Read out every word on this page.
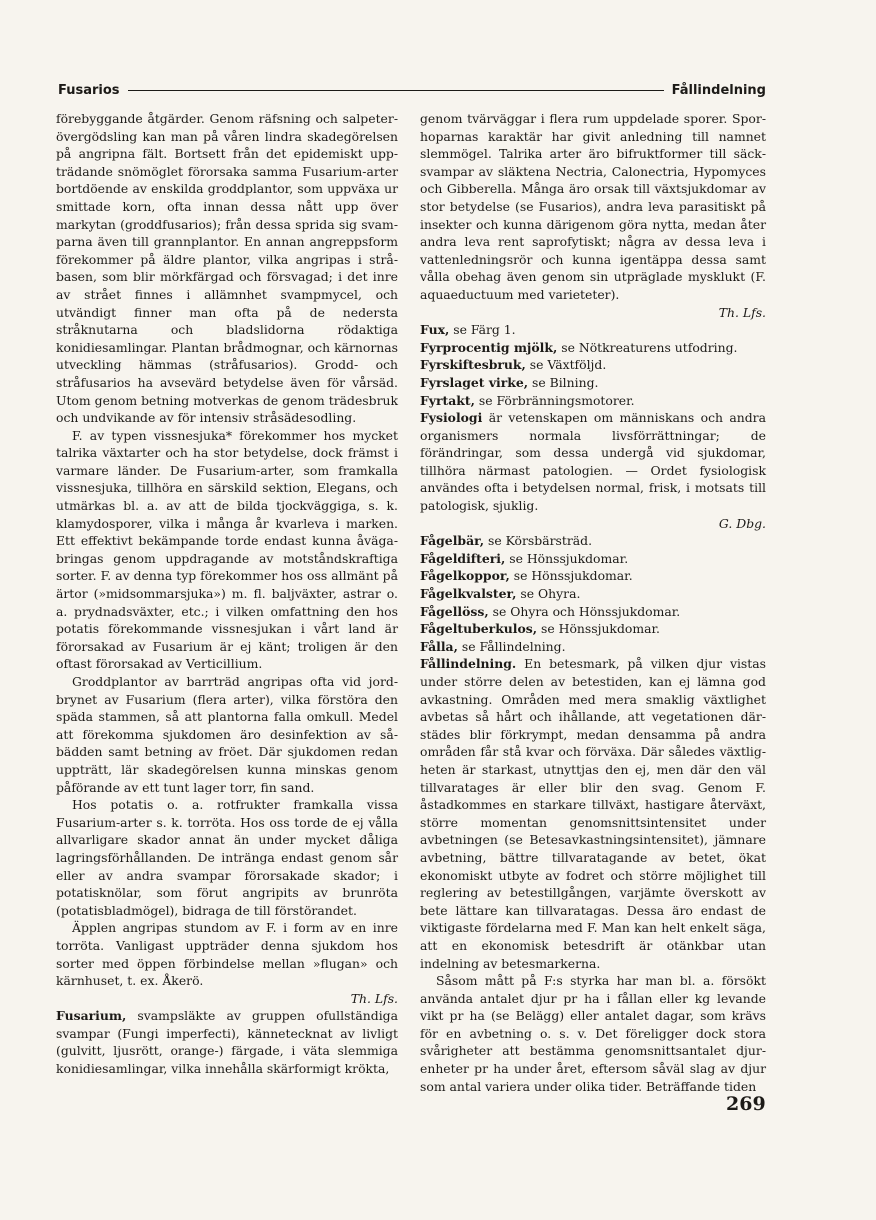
Fusarios	Fållindelning

förebyggande åtgärder. Genom räfsning och salpeterövergödsling kan man på våren lindra skadegörelsen på angripna fält. Bortsett från det epidemiskt uppträdande snömöglet förorsaka samma Fusarium-arter bortdöende av enskilda groddplantor, som uppväxa ur smittade korn, ofta innan dessa nått upp över markytan (groddfusarios); från dessa sprida sig svamparna även till grannplantor. En annan angreppsform förekommer på äldre plantor, vilka angripas i stråbasen, som blir mörkfärgad och försvagad; i det inre av strået finnes i allämnhet svampmycel, och utvändigt finner man ofta på de nedersta stråknutarna och bladslidorna rödaktiga konidiesamlingar. Plantan brådmognar, och kärnornas utveckling hämmas (stråfusarios). Grodd- och stråfusarios ha avsevärd betydelse även för vårsäd. Utom genom betning motverkas de genom trädesbruk och undvikande av för intensiv stråsädesodling.

F. av typen vissnesjuka* förekommer hos mycket talrika växtarter och ha stor betydelse, dock främst i varmare länder. De Fusarium-arter, som framkalla vissnesjuka, tillhöra en särskild sektion, Elegans, och utmärkas bl. a. av att de bilda tjockväggiga, s. k. klamydosporer, vilka i många år kvarleva i marken. Ett effektivt bekämpande torde endast kunna åvägabringas genom uppdragande av motståndskraftiga sorter. F. av denna typ förekommer hos oss allmänt på ärtor (»midsommarsjuka») m. fl. baljväxter, astrar o. a. prydnadsväxter, etc.; i vilken omfattning den hos potatis förekommande vissnesjukan i vårt land är förorsakad av Fusarium är ej känt; troligen är den oftast förorsakad av Verticillium.

Groddplantor av barrträd angripas ofta vid jordbrynet av Fusarium (flera arter), vilka förstöra den späda stammen, så att plantorna falla omkull. Medel att förekomma sjukdomen äro desinfektion av såbädden samt betning av fröet. Där sjukdomen redan uppträtt, lär skadegörelsen kunna minskas genom påförande av ett tunt lager torr, fin sand.

Hos potatis o. a. rotfrukter framkalla vissa Fusarium-arter s. k. torröta. Hos oss torde de ej vålla allvarligare skador annat än under mycket dåliga lagringsförhållanden. De inträngа endast genom sår eller av andra svampar förorsakade skador; i potatisknölar, som förut angripits av brunröta (potatisbladmögel), bidraga de till förstörandet.

Äpplen angripas stundom av F. i form av en inre torröta. Vanligast uppträder denna sjukdom hos sorter med öppen förbindelse mellan »flugan» och kärnhuset, t. ex. Åkerö.
Th. Lfs.

Fusarium, svampsläkte av gruppen ofullständiga svampar (Fungi imperfecti), kännetecknat av livligt (gulvitt, ljusrött, orange-) färgade, i väta slemmiga konidiesamlingar, vilka innehålla skärformigt krökta,

genom tvärväggar i flera rum uppdelade sporer. Sporhoparnas karaktär har givit anledning till namnet slemmögel. Talrika arter äro bifruktformer till säcksvampar av släktena Nectria, Calonectria, Hypomyces och Gibberella. Många äro orsak till växtsjukdomar av stor betydelse (se Fusarios), andra leva parasitiskt på insekter och kunna därigenom göra nytta, medan åter andra leva rent saprofytiskt; några av dessa leva i vattenledningsrör och kunna igentäppa dessa samt vålla obehag även genom sin utpräglade mysklukt (F. aquaeductuum med varieteter).
Th. Lfs.

Fux, se Färg 1.

Fyrprocentig mjölk, se Nötkreaturens utfodring.

Fyrskiftesbruk, se Växtföljd.

Fyrslaget virke, se Bilning.

Fyrtakt, se Förbränningsmotorer.

Fysiologi är vetenskapen om människans och andra organismers normala livsförrättningar; de förändringar, som dessa undergå vid sjukdomar, tillhöra närmast patologien. — Ordet fysiologisk användes ofta i betydelsen normal, frisk, i motsats till patologisk, sjuklig.
G. Dbg.

Fågelbär, se Körsbärsträd.

Fågeldifteri, se Hönssjukdomar.

Fågelkoppor, se Hönssjukdomar.

Fågelkvalster, se Ohyra.

Fågellöss, se Ohyra och Hönssjukdomar.

Fågeltuberkulos, se Hönssjukdomar.

Fålla, se Fållindelning.

Fållindelning. En betesmark, på vilken djur vistas under större delen av betestiden, kan ej lämna god avkastning. Områden med mera smaklig växtlighet avbetas så hårt och ihållande, att vegetationen därstädes blir förkrympt, medan densamma på andra områden får stå kvar och förväxa. Där således växtligheten är starkast, utnyttjas den ej, men där den väl tillvaratages är eller blir den svag. Genom F. åstadkommes en starkare tillväxt, hastigare återväxt, större momentan genomsnittsintensitet under avbetningen (se Betesavkastningsintensitet), jämnare avbetning, bättre tillvaratagande av betet, ökat ekonomiskt utbyte av fodret och större möjlighet till reglering av betestillgången, varjämte överskott av bete lättare kan tillvaratagas. Dessa äro endast de viktigaste fördelarna med F. Man kan helt enkelt säga, att en ekonomisk betesdrift är otänkbar utan indelning av betesmarkerna.

Såsom mått på F:s styrka har man bl. a. försökt använda antalet djur pr ha i fållan eller kg levande vikt pr ha (se Belägg) eller antalet dagar, som krävs för en avbetning o. s. v. Det föreligger dock stora svårigheter att bestämma genomsnittsantalet djurenheter pr ha under året, eftersom såväl slag av djur som antal variera under olika tider. Beträffande tiden

269
